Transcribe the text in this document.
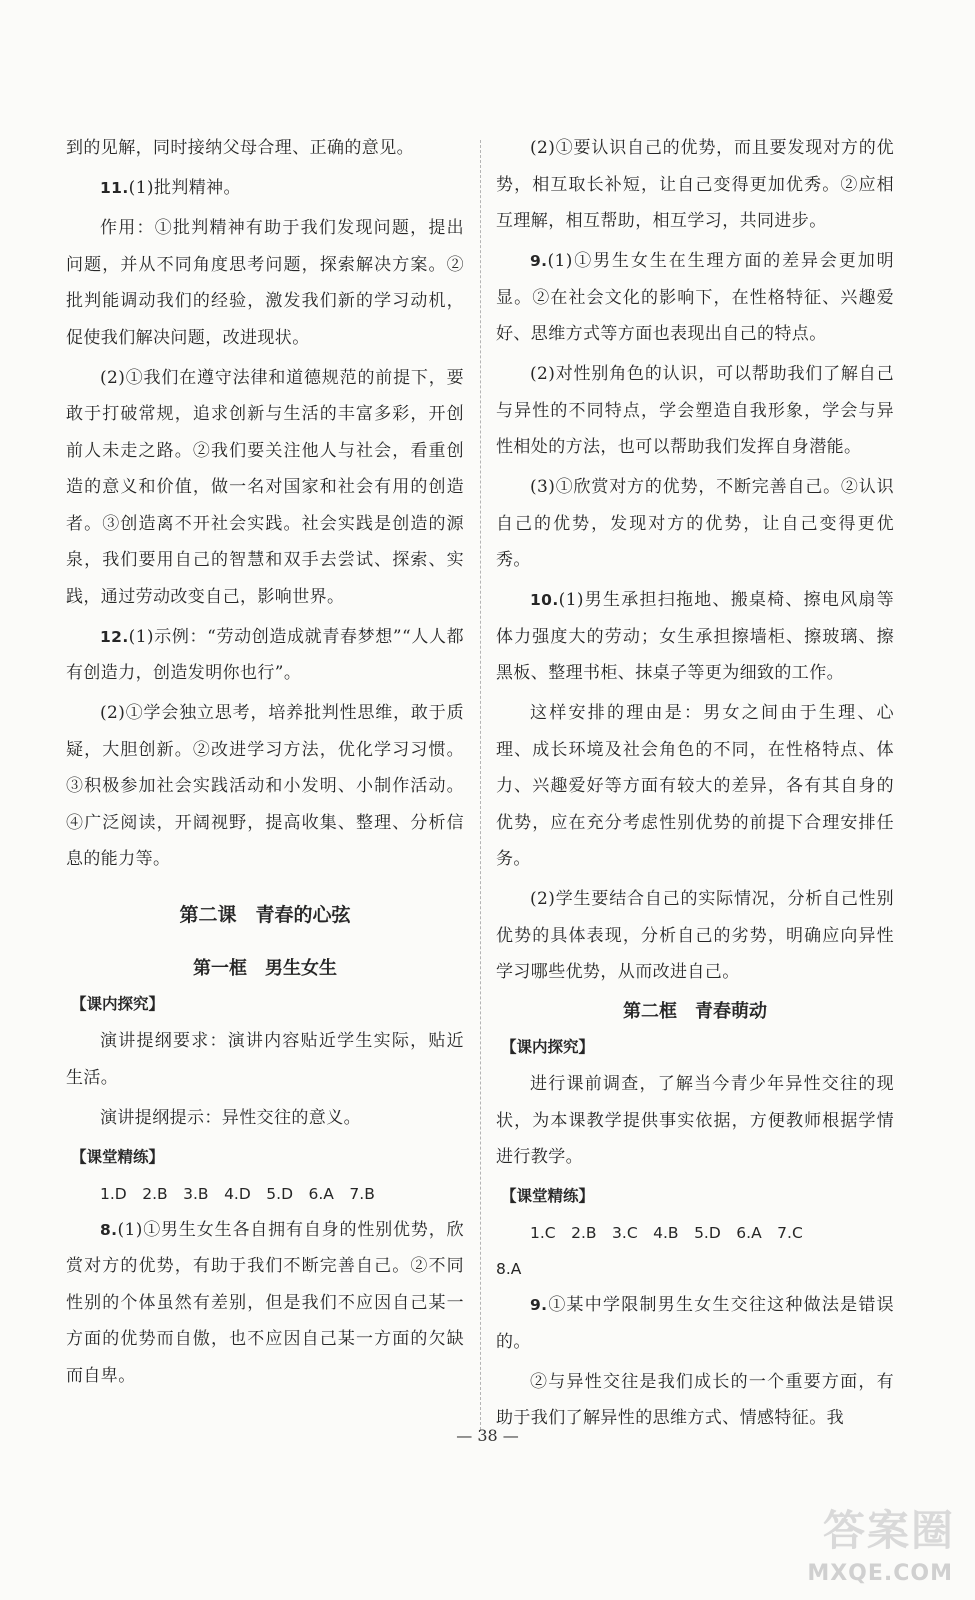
到的见解，同时接纳父母合理、正确的意见。

11.(1)批判精神。

作用：①批判精神有助于我们发现问题，提出问题，并从不同角度思考问题，探索解决方案。②批判能调动我们的经验，激发我们新的学习动机，促使我们解决问题，改进现状。

(2)①我们在遵守法律和道德规范的前提下，要敢于打破常规，追求创新与生活的丰富多彩，开创前人未走之路。②我们要关注他人与社会，看重创造的意义和价值，做一名对国家和社会有用的创造者。③创造离不开社会实践。社会实践是创造的源泉，我们要用自己的智慧和双手去尝试、探索、实践，通过劳动改变自己，影响世界。

12.(1)示例：“劳动创造成就青春梦想”“人人都有创造力，创造发明你也行”。

(2)①学会独立思考，培养批判性思维，敢于质疑，大胆创新。②改进学习方法，优化学习习惯。③积极参加社会实践活动和小发明、小制作活动。④广泛阅读，开阔视野，提高收集、整理、分析信息的能力等。

第二课　青春的心弦
第一框　男生女生
【课内探究】

演讲提纲要求：演讲内容贴近学生实际，贴近生活。

演讲提纲提示：异性交往的意义。

【课堂精练】
1.D　2.B　3.B　4.D　5.D　6.A　7.B

8.(1)①男生女生各自拥有自身的性别优势，欣赏对方的优势，有助于我们不断完善自己。②不同性别的个体虽然有差别，但是我们不应因自己某一方面的优势而自傲，也不应因自己某一方面的欠缺而自卑。

(2)①要认识自己的优势，而且要发现对方的优势，相互取长补短，让自己变得更加优秀。②应相互理解，相互帮助，相互学习，共同进步。

9.(1)①男生女生在生理方面的差异会更加明显。②在社会文化的影响下，在性格特征、兴趣爱好、思维方式等方面也表现出自己的特点。

(2)对性别角色的认识，可以帮助我们了解自己与异性的不同特点，学会塑造自我形象，学会与异性相处的方法，也可以帮助我们发挥自身潜能。

(3)①欣赏对方的优势，不断完善自己。②认识自己的优势，发现对方的优势，让自己变得更优秀。

10.(1)男生承担扫拖地、搬桌椅、擦电风扇等体力强度大的劳动；女生承担擦墙柜、擦玻璃、擦黑板、整理书柜、抹桌子等更为细致的工作。

这样安排的理由是：男女之间由于生理、心理、成长环境及社会角色的不同，在性格特点、体力、兴趣爱好等方面有较大的差异，各有其自身的优势，应在充分考虑性别优势的前提下合理安排任务。

(2)学生要结合自己的实际情况，分析自己性别优势的具体表现，分析自己的劣势，明确应向异性学习哪些优势，从而改进自己。

第二框　青春萌动
【课内探究】

进行课前调查，了解当今青少年异性交往的现状，为本课教学提供事实依据，方便教师根据学情进行教学。

【课堂精练】
1.C　2.B　3.C　4.B　5.D　6.A　7.C
8.A

9.①某中学限制男生女生交往这种做法是错误的。

②与异性交往是我们成长的一个重要方面，有助于我们了解异性的思维方式、情感特征。我

— 38 —
答案圈
MXQE.COM
